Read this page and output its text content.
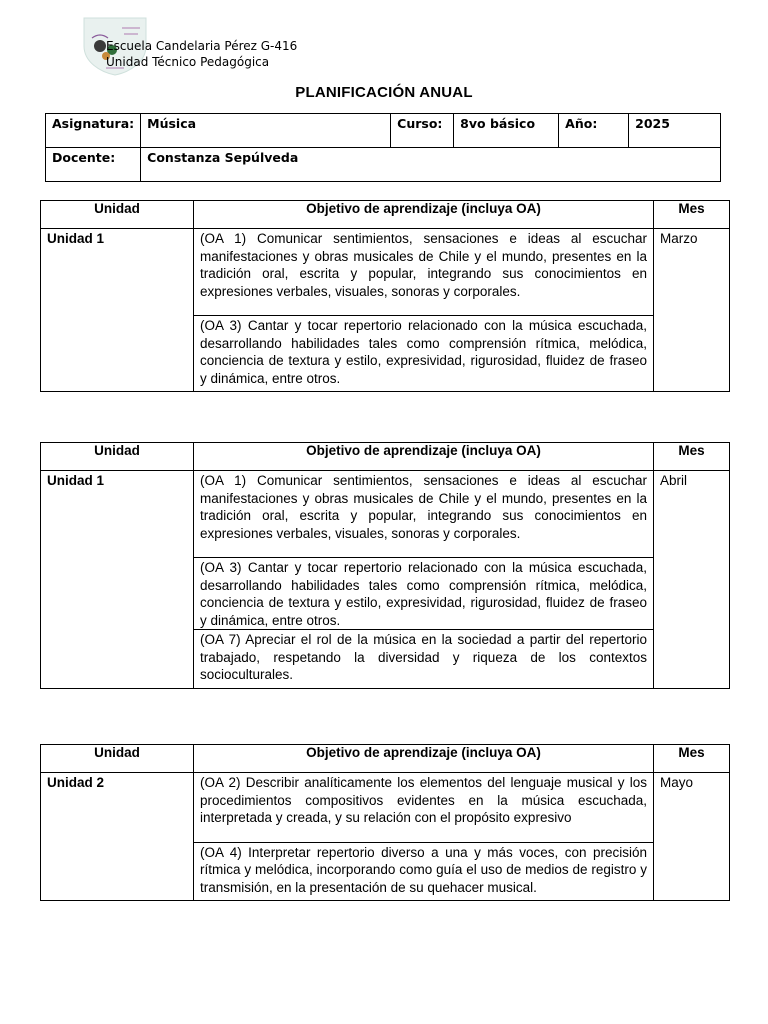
Escuela Candelaria Pérez G-416
Unidad Técnico Pedagógica
PLANIFICACIÓN ANUAL
Asignatura:	Música	Curso:	8vo básico	Año:	2025
Docente:	Constanza Sepúlveda				
Unidad	Objetivo de aprendizaje (incluya OA)	Mes
Unidad 1	(OA 1) Comunicar sentimientos, sensaciones e ideas al escuchar manifestaciones y obras musicales de Chile y el mundo, presentes en la tradición oral, escrita y popular, integrando sus conocimientos en expresiones verbales, visuales, sonoras y corporales.
(OA 3) Cantar y tocar repertorio relacionado con la música escuchada, desarrollando habilidades tales como comprensión rítmica, melódica, conciencia de textura y estilo, expresividad, rigurosidad, fluidez de fraseo y dinámica, entre otros.	Marzo
Unidad	Objetivo de aprendizaje (incluya OA)	Mes
Unidad 1	(OA 1) Comunicar sentimientos, sensaciones e ideas al escuchar manifestaciones y obras musicales de Chile y el mundo, presentes en la tradición oral, escrita y popular, integrando sus conocimientos en expresiones verbales, visuales, sonoras y corporales.
(OA 3) Cantar y tocar repertorio relacionado con la música escuchada, desarrollando habilidades tales como comprensión rítmica, melódica, conciencia de textura y estilo, expresividad, rigurosidad, fluidez de fraseo y dinámica, entre otros.
(OA 7) Apreciar el rol de la música en la sociedad a partir del repertorio trabajado, respetando la diversidad y riqueza de los contextos socioculturales.	Abril
Unidad	Objetivo de aprendizaje (incluya OA)	Mes
Unidad 2	(OA 2) Describir analíticamente los elementos del lenguaje musical y los procedimientos compositivos evidentes en la música escuchada, interpretada y creada, y su relación con el propósito expresivo
(OA 4) Interpretar repertorio diverso a una y más voces, con precisión rítmica y melódica, incorporando como guía el uso de medios de registro y transmisión, en la presentación de su quehacer musical.	Mayo
